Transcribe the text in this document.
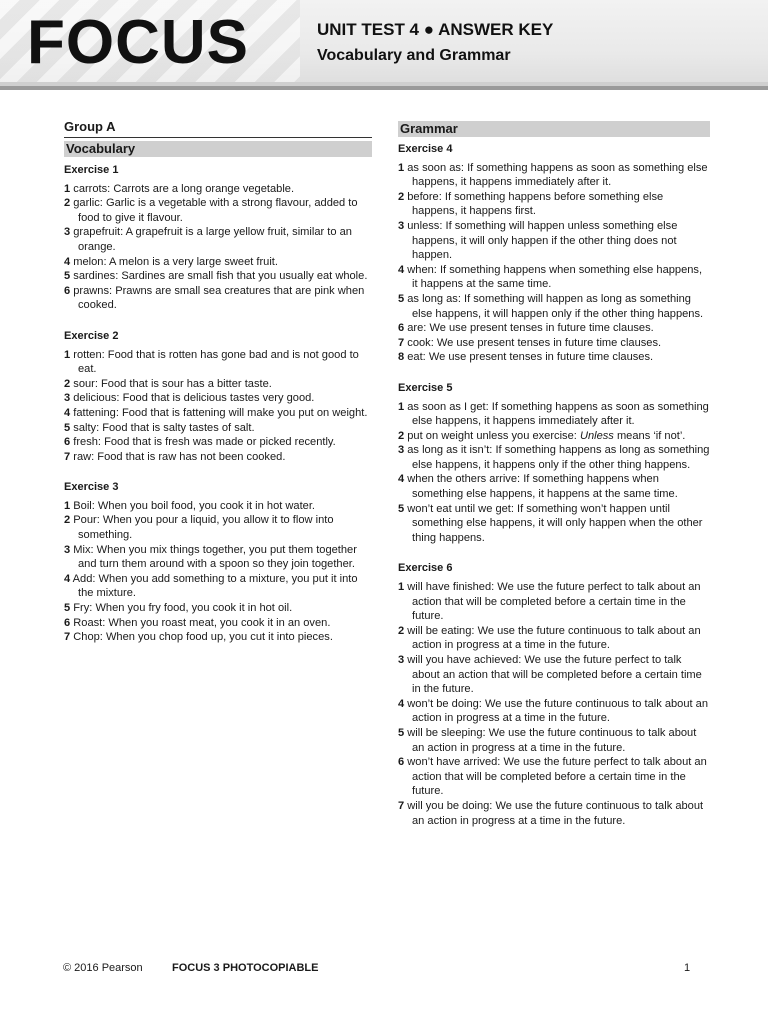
FOCUS	UNIT TEST 4 ● ANSWER KEY
Vocabulary and Grammar
Group A
Vocabulary
Exercise 1
1 carrots: Carrots are a long orange vegetable.
2 garlic: Garlic is a vegetable with a strong flavour, added to food to give it flavour.
3 grapefruit: A grapefruit is a large yellow fruit, similar to an orange.
4 melon: A melon is a very large sweet fruit.
5 sardines: Sardines are small fish that you usually eat whole.
6 prawns: Prawns are small sea creatures that are pink when cooked.
Exercise 2
1 rotten: Food that is rotten has gone bad and is not good to eat.
2 sour: Food that is sour has a bitter taste.
3 delicious: Food that is delicious tastes very good.
4 fattening: Food that is fattening will make you put on weight.
5 salty: Food that is salty tastes of salt.
6 fresh: Food that is fresh was made or picked recently.
7 raw: Food that is raw has not been cooked.
Exercise 3
1 Boil: When you boil food, you cook it in hot water.
2 Pour: When you pour a liquid, you allow it to flow into something.
3 Mix: When you mix things together, you put them together and turn them around with a spoon so they join together.
4 Add: When you add something to a mixture, you put it into the mixture.
5 Fry: When you fry food, you cook it in hot oil.
6 Roast: When you roast meat, you cook it in an oven.
7 Chop: When you chop food up, you cut it into pieces.
Grammar
Exercise 4
1 as soon as: If something happens as soon as something else happens, it happens immediately after it.
2 before: If something happens before something else happens, it happens first.
3 unless: If something will happen unless something else happens, it will only happen if the other thing does not happen.
4 when: If something happens when something else happens, it happens at the same time.
5 as long as: If something will happen as long as something else happens, it will happen only if the other thing happens.
6 are: We use present tenses in future time clauses.
7 cook: We use present tenses in future time clauses.
8 eat: We use present tenses in future time clauses.
Exercise 5
1 as soon as I get: If something happens as soon as something else happens, it happens immediately after it.
2 put on weight unless you exercise: Unless means ‘if not’.
3 as long as it isn’t: If something happens as long as something else happens, it happens only if the other thing happens.
4 when the others arrive: If something happens when something else happens, it happens at the same time.
5 won’t eat until we get: If something won’t happen until something else happens, it will only happen when the other thing happens.
Exercise 6
1 will have finished: We use the future perfect to talk about an action that will be completed before a certain time in the future.
2 will be eating: We use the future continuous to talk about an action in progress at a time in the future.
3 will you have achieved: We use the future perfect to talk about an action that will be completed before a certain time in the future.
4 won’t be doing: We use the future continuous to talk about an action in progress at a time in the future.
5 will be sleeping: We use the future continuous to talk about an action in progress at a time in the future.
6 won’t have arrived: We use the future perfect to talk about an action that will be completed before a certain time in the future.
7 will you be doing: We use the future continuous to talk about an action in progress at a time in the future.
© 2016 Pearson	FOCUS 3 PHOTOCOPIABLE	1
